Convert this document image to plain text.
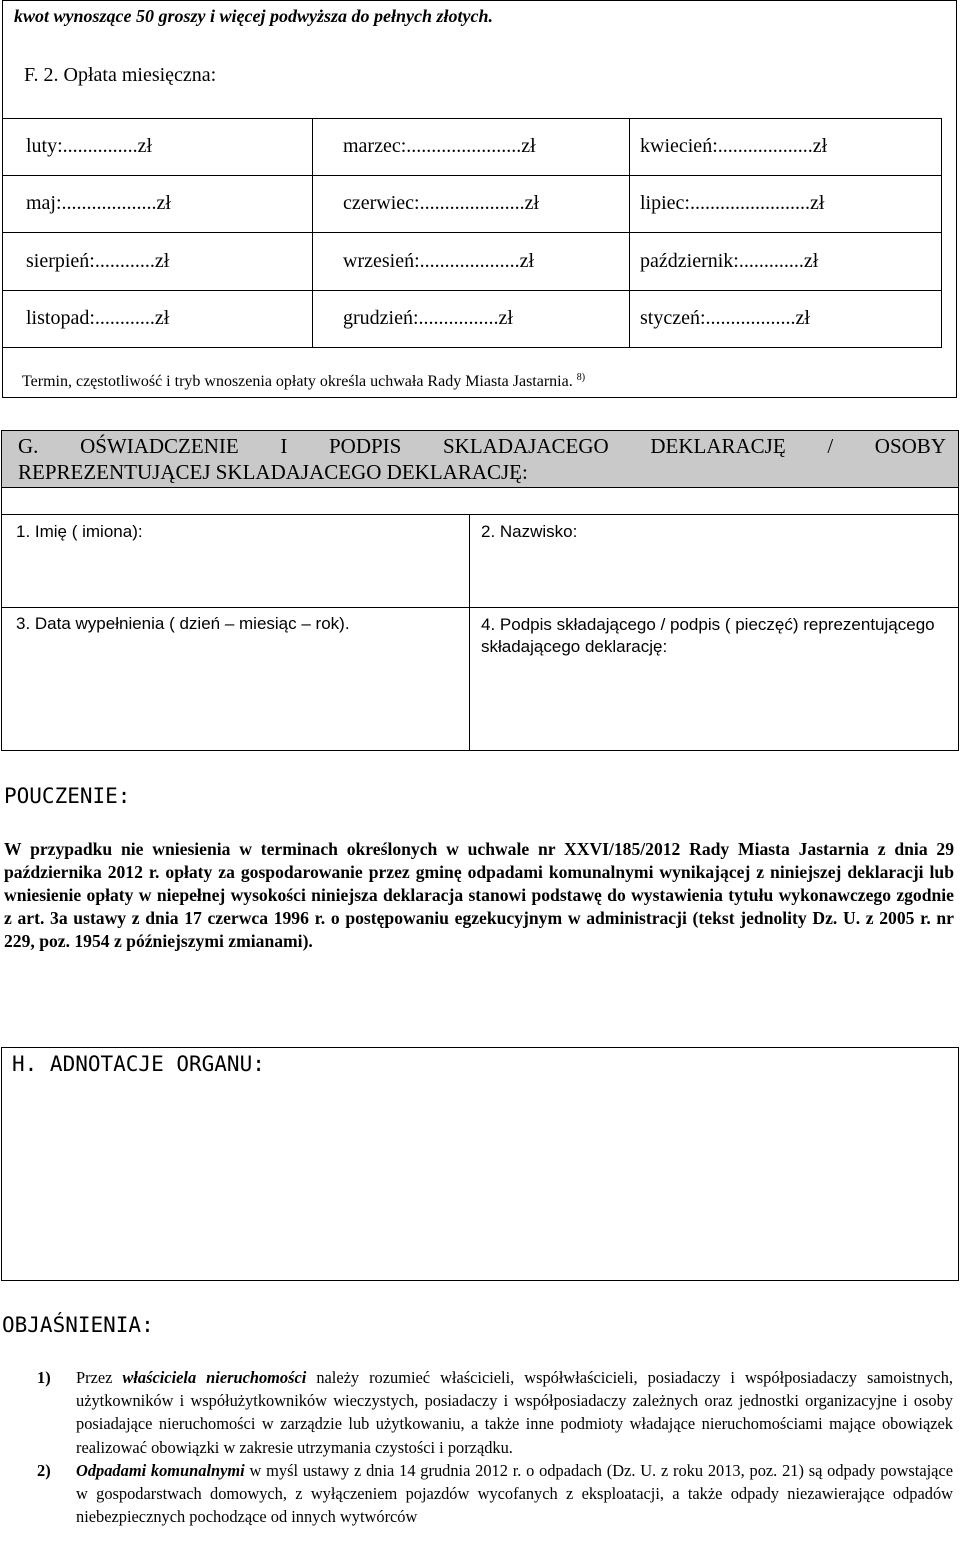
kwot wynoszące 50 groszy i więcej podwyższa do pełnych złotych.
F. 2. Opłata miesięczna:
luty:...............zł	marzec:.......................zł	kwiecień:...................zł
maj:...................zł	czerwiec:.....................zł	lipiec:........................zł
sierpień:............zł	wrzesień:....................zł	październik:.............zł
listopad:............zł	grudzień:................zł	styczeń:..................zł
Termin, częstotliwość i tryb wnoszenia opłaty określa uchwała Rady Miasta Jastarnia. $^{8)}$
G. OŚWIADCZENIE I PODPIS SKLADAJACEGO DEKLARACJĘ / OSOBY
REPREZENTUJĄCEJ SKLADAJACEGO DEKLARACJĘ:
1. Imię ( imiona):	2. Nazwisko:
3. Data wypełnienia ( dzień – miesiąc – rok).	4. Podpis składającego / podpis ( pieczęć) reprezentującego składającego deklarację:
POUCZENIE:
W przypadku nie wniesienia w terminach określonych w uchwale nr XXVI/185/2012 Rady Miasta Jastarnia z dnia 29 października 2012 r. opłaty za gospodarowanie przez gminę odpadami komunalnymi wynikającej z niniejszej deklaracji lub wniesienie opłaty w niepełnej wysokości niniejsza deklaracja stanowi podstawę do wystawienia tytułu wykonawczego zgodnie z art. 3a ustawy z dnia 17 czerwca 1996 r. o postępowaniu egzekucyjnym w administracji (tekst jednolity Dz. U. z 2005 r. nr 229, poz. 1954 z późniejszymi zmianami).
H. ADNOTACJE ORGANU:
OBJAŚNIENIA:
1)	Przez właściciela nieruchomości należy rozumieć właścicieli, współwłaścicieli, posiadaczy i współposiadaczy samoistnych, użytkowników i współużytkowników wieczystych, posiadaczy i współposiadaczy zależnych oraz jednostki organizacyjne i osoby posiadające nieruchomości w zarządzie lub użytkowaniu, a także inne podmioty władające nieruchomościami mające obowiązek realizować obowiązki w zakresie utrzymania czystości i porządku.
2)	Odpadami komunalnymi w myśl ustawy z dnia 14 grudnia 2012 r. o odpadach (Dz. U. z roku 2013, poz. 21) są odpady powstające w gospodarstwach domowych, z wyłączeniem pojazdów wycofanych z eksploatacji, a także odpady niezawierające odpadów niebezpiecznych pochodzące od innych wytwórców
